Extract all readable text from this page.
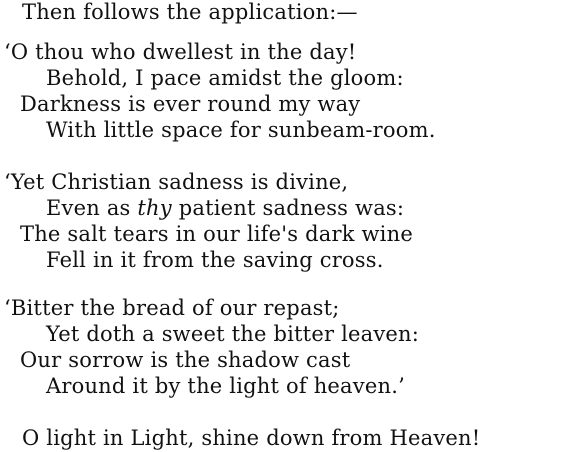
Then follows the application:—
‘O thou who dwellest in the day!
Behold, I pace amidst the gloom:
Darkness is ever round my way
With little space for sunbeam-room.
‘Yet Christian sadness is divine,
Even as thy patient sadness was:
The salt tears in our life's dark wine
Fell in it from the saving cross.
‘Bitter the bread of our repast;
Yet doth a sweet the bitter leaven:
Our sorrow is the shadow cast
Around it by the light of heaven.’
O light in Light, shine down from Heaven!
